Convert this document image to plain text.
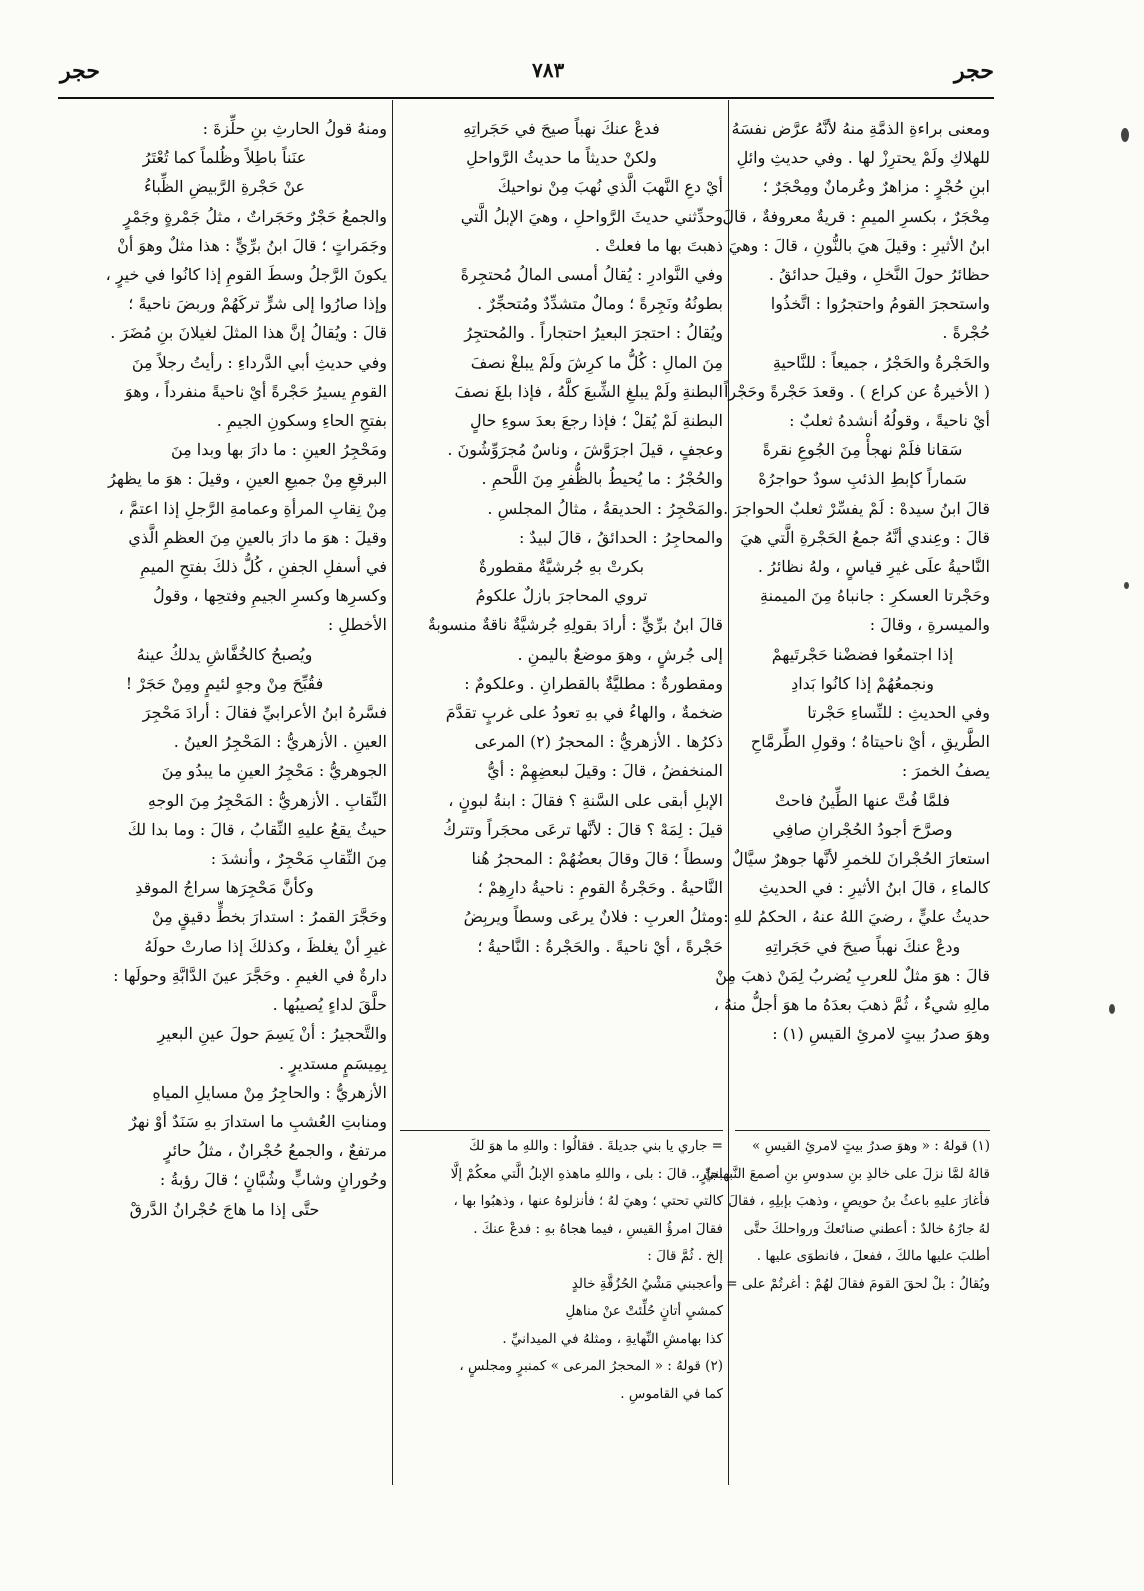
حجر
٧٨٣
حجر
ومعنى براءةِ الذمَّةِ منهُ لأنَّهُ عرَّض نفسَهُ
للهلاكِ ولَمْ يحترِزْ لها . وفي حديثِ وائلِ
ابنِ حُجْرٍ : مزاهرٌ وعُرمانٌ ومِحْجَرٌ ؛
مِحْجَرٌ ، بكسرِ الميمِ : قريةٌ معروفةٌ ، قالَ
ابنُ الأثيرِ : وقيلَ هيَ بالنُّونِ ، قالَ : وهيَ
حظائرُ حولَ النَّخلِ ، وقيلَ حدائقُ .
واستحجرَ القومُ واحتجرُوا : اتَّخذُوا
حُجْرةً .
والحَجْرةُ والحَجْرُ ، جميعاً : للنَّاحيةِ
( الأخيرةُ عن كراع ) . وقعدَ حَجْرةً وحَجْراً
أيْ ناحيةً ، وقولُهُ أنشدهُ ثعلبٌ :
سَقانا فلَمْ نهجأْ مِنَ الجُوعِ نقرةً
سَماراً كإبطِ الذئبِ سودٌ حواجرُهْ
قالَ ابنُ سيدهْ : لَمْ يفسِّرْ ثعلبٌ الحواجرَ .
قالَ : وعِندي أنَّهُ جمعُ الحَجْرةِ الَّتي هيَ
النَّاحيةُ علَى غيرِ قياسٍ ، ولهُ نظائرُ .
وحَجْرتا العسكرِ : جانباهُ مِنَ الميمنةِ
والميسرةِ ، وقالَ :
إذا اجتمعُوا فضضْنا حَجْرتَيهمْ
ونجمعُهُمْ إذا كانُوا بَدادِ
وفي الحديثِ : للنِّساءِ حَجْرتا
الطَّريقِ ، أيْ ناحيتاهُ ؛ وقولِ الطِّرمَّاحِ
يصفُ الخمرَ :
فلمَّا فُتَّ عنها الطِّينُ فاحتْ
وصرَّحَ أجودُ الحُجْرانِ صافِي
استعارَ الحُجْرانَ للخمرِ لأنَّها جوهرٌ سيَّالٌ
كالماءِ ، قالَ ابنُ الأثيرِ : في الحديثِ
حديثُ عليٍّ ، رضيَ اللهُ عنهُ ، الحكمُ للهِ :
ودعْ عنكَ نهباً صيحَ في حَجَراتِهِ
قالَ : هوَ مثلٌ للعربِ يُضربُ لِمَنْ ذهبَ مِنْ
مالِهِ شيءٌ ، ثُمَّ ذهبَ بعدَهُ ما هوَ أجلُّ منهُ ،
وهوَ صدرُ بيتٍ لامرئِ القيسِ (١) :
فدعْ عنكَ نهباً صيحَ في حَجَراتِهِ
ولكنْ حديثاً ما حديثُ الرَّواحلِ
أيْ دعِ النَّهبَ الَّذي نُهبَ مِنْ نواحيكَ
وحدِّثني حديثَ الرَّواحلِ ، وهيَ الإبلُ الَّتي
ذهبتَ بها ما فعلتْ .
وفي النَّوادرِ : يُقالُ أمسى المالُ مُحتجِرةً
بطونُهُ ونَجِرةً ؛ ومالٌ متشدِّدٌ ومُتحجِّرٌ .
ويُقالُ : احتجرَ البعيرُ احتجاراً . والمُحتجِرُ
مِنَ المالِ : كُلُّ ما كرِشَ ولَمْ يبلغْ نصفَ
البطنةِ ولَمْ يبلغِ الشِّبعَ كلَّهُ ، فإذا بلغَ نصفَ
البطنةِ لَمْ يُقلْ ؛ فإذا رجعَ بعدَ سوءِ حالٍ
وعجفٍ ، قيلَ اجرَوَّشَ ، وناسٌ مُجرَوِّشُونَ .
والحُجْرُ : ما يُحيطُ بالظُّفرِ مِنَ اللَّحمِ .
والمَحْجِرُ : الحديقةُ ، مثالُ المجلسِ .
والمحاجِرُ : الحدائقُ ، قالَ لبيدٌ :
بكرتْ بهِ جُرشيَّةٌ مقطورةٌ
تروي المحاجرَ بازلٌ علكومُ
قالَ ابنُ برِّيٍّ : أرادَ بقولِهِ جُرشيَّةٌ ناقةٌ منسوبةٌ
إلى جُرشٍ ، وهوَ موضعٌ باليمنِ .
ومقطورةٌ : مطليَّةٌ بالقطرانِ . وعلكومٌ :
ضخمةٌ ، والهاءُ في بهِ تعودُ على غربٍ تقدَّمَ
ذكرُها . الأزهريُّ : المحجرُ (٢) المرعى
المنخفضُ ، قالَ : وقيلَ لبعضِهِمْ : أيُّ
الإبلِ أبقى على السَّنةِ ؟ فقالَ : ابنةُ لبونٍ ،
قيلَ : لِمَهْ ؟ قالَ : لأنَّها ترعَى محجَراً وتتركُ
وسطاً ؛ قالَ وقالَ بعضُهُمْ : المحجرُ هُنا
النَّاحيةُ . وحَجْرةُ القومِ : ناحيةُ دارِهِمْ ؛
ومثلُ العربِ : فلانٌ يرعَى وسطاً ويربِضُ
حَجْرةً ، أيْ ناحيةً . والحَجْرةُ : النَّاحيةُ ؛
ومنهُ قولُ الحارثِ بنِ حلِّزةَ :
عنَناً باطِلاً وظُلماً كما تُعْتَرُ
عنْ حَجْرةِ الرَّبيضِ الظِّباءُ
والجمعُ حَجْرٌ وحَجَراتٌ ، مثلُ جَمْرةٍ وجَمْرٍ
وجَمَراتٍ ؛ قالَ ابنُ برِّيٍّ : هذا مثلٌ وهوَ أنْ
يكونَ الرَّجلُ وسطَ القومِ إذا كانُوا في خيرٍ ،
وإذا صارُوا إلى شرٍّ تركَهُمْ وربضَ ناحيةً ؛
قالَ : ويُقالُ إنَّ هذا المثلَ لغيلانَ بنِ مُضَرَ .
وفي حديثِ أبي الدَّرداءِ : رأيتُ رجلاً مِنَ
القومِ يسيرُ حَجْرةً أيْ ناحيةً منفرداً ، وهوَ
بفتحِ الحاءِ وسكونِ الجيمِ .
ومَحْجِرُ العينِ : ما دارَ بها وبدا مِنَ
البرقعِ مِنْ جميعِ العينِ ، وقيلَ : هوَ ما يظهرُ
مِنْ نِقابِ المرأةِ وعمامةِ الرَّجلِ إذا اعتمَّ ،
وقيلَ : هوَ ما دارَ بالعينِ مِنَ العظمِ الَّذي
في أسفلِ الجفنِ ، كُلُّ ذلكَ بفتحِ الميمِ
وكسرِها وكسرِ الجيمِ وفتحِها ، وقولُ
الأخطلِ :
ويُصبحُ كالخُفَّاشِ يدلكُ عينهُ
فقُبِّحَ مِنْ وجهٍ لئيمٍ ومِنْ حَجَرْ !
فسَّرهُ ابنُ الأعرابيِّ فقالَ : أرادَ مَحْجِرَ
العينِ . الأزهريُّ : المَحْجِرُ العينُ .
الجوهريُّ : مَحْجِرُ العينِ ما يبدُو مِنَ
النِّقابِ . الأزهريُّ : المَحْجِرُ مِنَ الوجهِ
حيثُ يقعُ عليهِ النِّقابُ ، قالَ : وما بدا لكَ
مِنَ النِّقابِ مَحْجِرٌ ، وأنشدَ :
وكأنَّ مَحْجِرَها سراجُ الموقدِ
وحَجَّرَ القمرُ : استدارَ بخطٍّ دقيقٍ مِنْ
غيرِ أنْ يغلظَ ، وكذلكَ إذا صارتْ حولَهُ
دارةٌ في الغيمِ . وحَجَّرَ عينَ الدَّابَّةِ وحولَها :
حلَّقَ لداءٍ يُصيبُها .
والتَّحجيرُ : أنْ يَسِمَ حولَ عينِ البعيرِ
بِمِيسَمٍ مستديرٍ .
الأزهريُّ : والحاجِرُ مِنْ مسايلِ المياهِ
ومنابتِ العُشبِ ما استدارَ بهِ سَنَدٌ أوْ نهرٌ
مرتفعٌ ، والجمعُ حُجْرانٌ ، مثلُ حائرٍ
وحُورانٍ وشابٍّ وشُبَّانٍ ؛ قالَ رؤبةُ :
حتَّى إذا ما هاجَ حُجْرانُ الدَّرقْ
(١) قولهُ : « وهوَ صدرُ بيتٍ لامرئِ القيسِ »
قالهُ لمَّا نزلَ على خالدِ بنِ سدوسِ بنِ أصمعَ النَّبهانيِّ ،
فأغارَ عليهِ باعثُ بنُ حويصٍ ، وذهبَ بإبلِهِ ، فقالَ
لهُ جارُهُ خالدٌ : أعطني صنائعكَ ورواحلكَ حتَّى
أطلبَ عليها مالكَ ، ففعلَ ، فانطوَى عليها .
ويُقالُ : بلْ لحقَ القومَ فقالَ لهُمْ : أغرتُمْ على =
= جاري يا بني جديلةَ . فقالُوا : واللهِ ما هوَ لكَ
بجارٍ . قالَ : بلى ، واللهِ ماهذهِ الإبلُ الَّتي معكُمْ إلَّا
كالتي تحتي ؛ وهيَ لهُ ؛ فأنزلوهُ عنها ، وذهبُوا بها ،
فقالَ امرؤُ القيسِ ، فيما هجاهُ بهِ : فدعْ عنكَ .
إلخ . ثُمَّ قالَ :
وأعجبني مَشْيُ الحُزُقَّةِ خالدٍ
كمشيِ أتانٍ حُلِّئتْ عنْ مناهلِ
كذا بهامشِ النِّهايةِ ، ومثلهُ في الميدانيِّ .
(٢) قولهُ : « المحجرُ المرعى » كمنبرٍ ومجلسٍ ،
كما في القاموسِ .
